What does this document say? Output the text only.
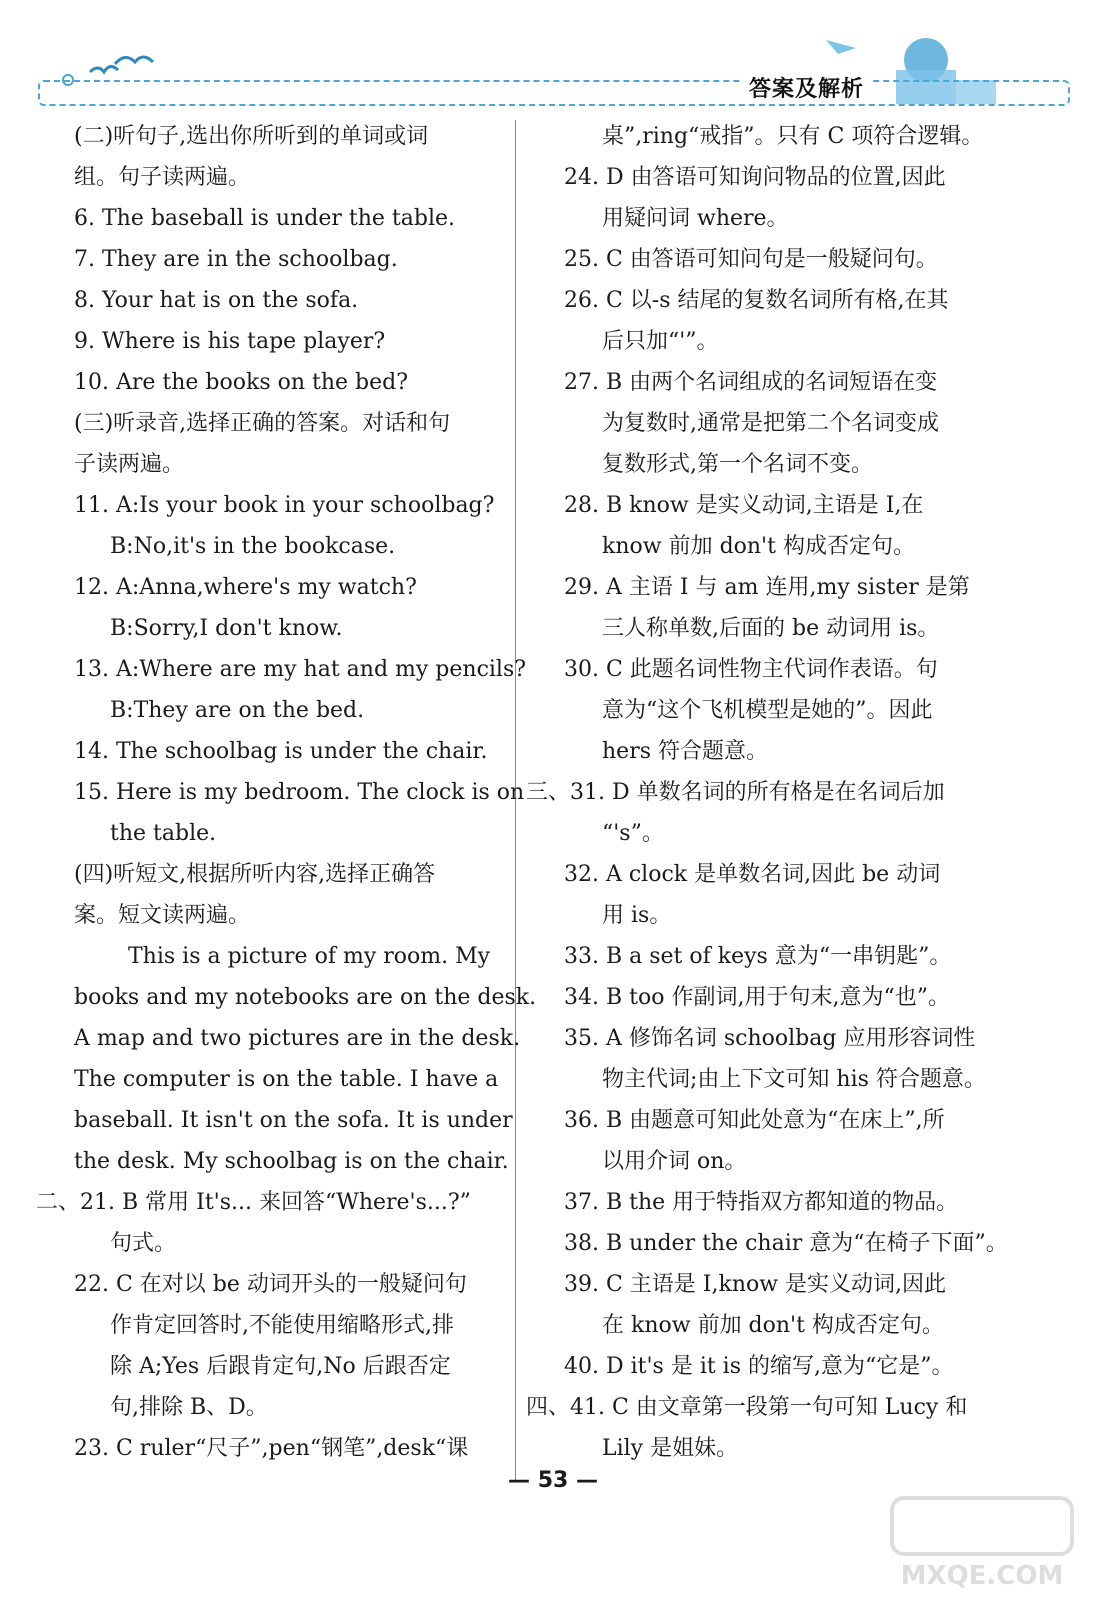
答案及解析
(二)听句子,选出你所听到的单词或词
组。句子读两遍。
6. The baseball is under the table.
7. They are in the schoolbag.
8. Your hat is on the sofa.
9. Where is his tape player?
10. Are the books on the bed?
(三)听录音,选择正确的答案。对话和句
子读两遍。
11. A:Is your book in your schoolbag?
B:No,it's in the bookcase.
12. A:Anna,where's my watch?
B:Sorry,I don't know.
13. A:Where are my hat and my pencils?
B:They are on the bed.
14. The schoolbag is under the chair.
15. Here is my bedroom. The clock is on
the table.
(四)听短文,根据所听内容,选择正确答
案。短文读两遍。
This is a picture of my room. My
books and my notebooks are on the desk.
A map and two pictures are in the desk.
The computer is on the table. I have a
baseball. It isn't on the sofa. It is under
the desk. My schoolbag is on the chair.
二、21. B 常用 It's... 来回答“Where's...?”
句式。
22. C 在对以 be 动词开头的一般疑问句
作肯定回答时,不能使用缩略形式,排
除 A;Yes 后跟肯定句,No 后跟否定
句,排除 B、D。
23. C ruler“尺子”,pen“钢笔”,desk“课
桌”,ring“戒指”。只有 C 项符合逻辑。
24. D 由答语可知询问物品的位置,因此
用疑问词 where。
25. C 由答语可知问句是一般疑问句。
26. C 以-s 结尾的复数名词所有格,在其
后只加“'”。
27. B 由两个名词组成的名词短语在变
为复数时,通常是把第二个名词变成
复数形式,第一个名词不变。
28. B know 是实义动词,主语是 I,在
know 前加 don't 构成否定句。
29. A 主语 I 与 am 连用,my sister 是第
三人称单数,后面的 be 动词用 is。
30. C 此题名词性物主代词作表语。句
意为“这个飞机模型是她的”。因此
hers 符合题意。
三、31. D 单数名词的所有格是在名词后加
“'s”。
32. A clock 是单数名词,因此 be 动词
用 is。
33. B a set of keys 意为“一串钥匙”。
34. B too 作副词,用于句末,意为“也”。
35. A 修饰名词 schoolbag 应用形容词性
物主代词;由上下文可知 his 符合题意。
36. B 由题意可知此处意为“在床上”,所
以用介词 on。
37. B the 用于特指双方都知道的物品。
38. B under the chair 意为“在椅子下面”。
39. C 主语是 I,know 是实义动词,因此
在 know 前加 don't 构成否定句。
40. D it's 是 it is 的缩写,意为“它是”。
四、41. C 由文章第一段第一句可知 Lucy 和
Lily 是姐妹。
— 53 —
MXQE.COM
